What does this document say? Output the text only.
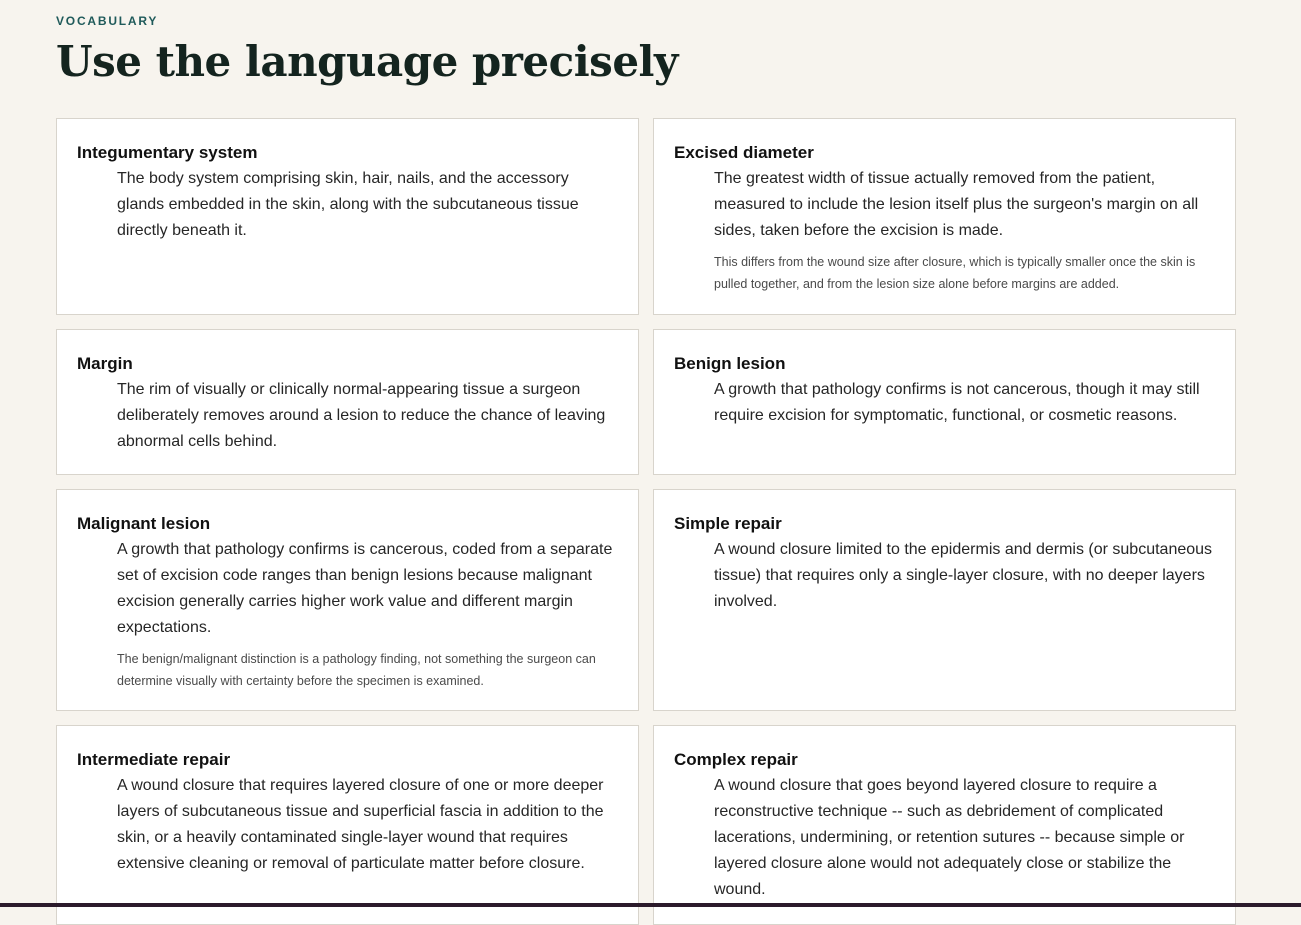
VOCABULARY
Use the language precisely
Integumentary system

The body system comprising skin, hair, nails, and the accessory glands embedded in the skin, along with the subcutaneous tissue directly beneath it.

Excised diameter

The greatest width of tissue actually removed from the patient, measured to include the lesion itself plus the surgeon's margin on all sides, taken before the excision is made.

This differs from the wound size after closure, which is typically smaller once the skin is pulled together, and from the lesion size alone before margins are added.

Margin

The rim of visually or clinically normal-appearing tissue a surgeon deliberately removes around a lesion to reduce the chance of leaving abnormal cells behind.

Benign lesion

A growth that pathology confirms is not cancerous, though it may still require excision for symptomatic, functional, or cosmetic reasons.

Malignant lesion

A growth that pathology confirms is cancerous, coded from a separate set of excision code ranges than benign lesions because malignant excision generally carries higher work value and different margin expectations.

The benign/malignant distinction is a pathology finding, not something the surgeon can determine visually with certainty before the specimen is examined.

Simple repair

A wound closure limited to the epidermis and dermis (or subcutaneous tissue) that requires only a single-layer closure, with no deeper layers involved.

Intermediate repair

A wound closure that requires layered closure of one or more deeper layers of subcutaneous tissue and superficial fascia in addition to the skin, or a heavily contaminated single-layer wound that requires extensive cleaning or removal of particulate matter before closure.

Complex repair

A wound closure that goes beyond layered closure to require a reconstructive technique -- such as debridement of complicated lacerations, undermining, or retention sutures -- because simple or layered closure alone would not adequately close or stabilize the wound.
